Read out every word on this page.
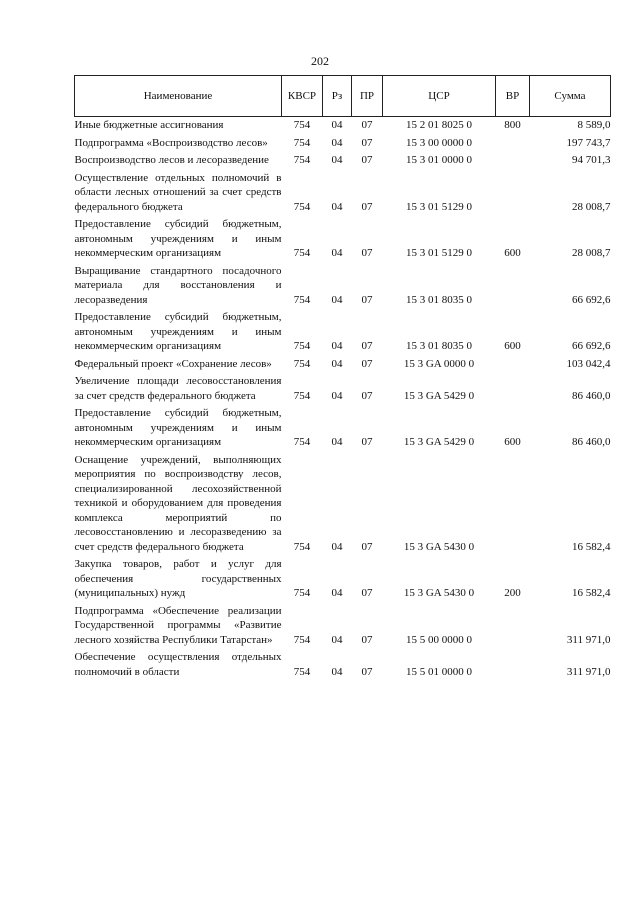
202
Наименование	КВСР	Рз	ПР	ЦСР	ВР	Сумма
Иные бюджетные ассигнования	754	04	07	15 2 01 8025 0	800	8 589,0
Подпрограмма «Воспроизводство лесов»	754	04	07	15 3 00 0000 0		197 743,7
Воспроизводство лесов и лесоразведение	754	04	07	15 3 01 0000 0		94 701,3
Осуществление отдельных полномочий в области лесных отношений за счет средств федерального бюджета	754	04	07	15 3 01 5129 0		28 008,7
Предоставление субсидий бюджетным, автономным учреждениям и иным некоммерческим организациям	754	04	07	15 3 01 5129 0	600	28 008,7
Выращивание стандартного посадочного материала для восстановления и лесоразведения	754	04	07	15 3 01 8035 0		66 692,6
Предоставление субсидий бюджетным, автономным учреждениям и иным некоммерческим организациям	754	04	07	15 3 01 8035 0	600	66 692,6
Федеральный проект «Сохранение лесов»	754	04	07	15 3 GA 0000 0		103 042,4
Увеличение площади лесовосстановления за счет средств федерального бюджета	754	04	07	15 3 GA 5429 0		86 460,0
Предоставление субсидий бюджетным, автономным учреждениям и иным некоммерческим организациям	754	04	07	15 3 GA 5429 0	600	86 460,0
Оснащение учреждений, выполняющих мероприятия по воспроизводству лесов, специализированной лесохозяйственной техникой и оборудованием для проведения комплекса мероприятий по лесовосстановлению и лесоразведению за счет средств федерального бюджета	754	04	07	15 3 GA 5430 0		16 582,4
Закупка товаров, работ и услуг для обеспечения государственных (муниципальных) нужд	754	04	07	15 3 GA 5430 0	200	16 582,4
Подпрограмма «Обеспечение реализации Государственной программы «Развитие лесного хозяйства Республики Татарстан»	754	04	07	15 5 00 0000 0		311 971,0
Обеспечение осуществления отдельных полномочий в области	754	04	07	15 5 01 0000 0		311 971,0
